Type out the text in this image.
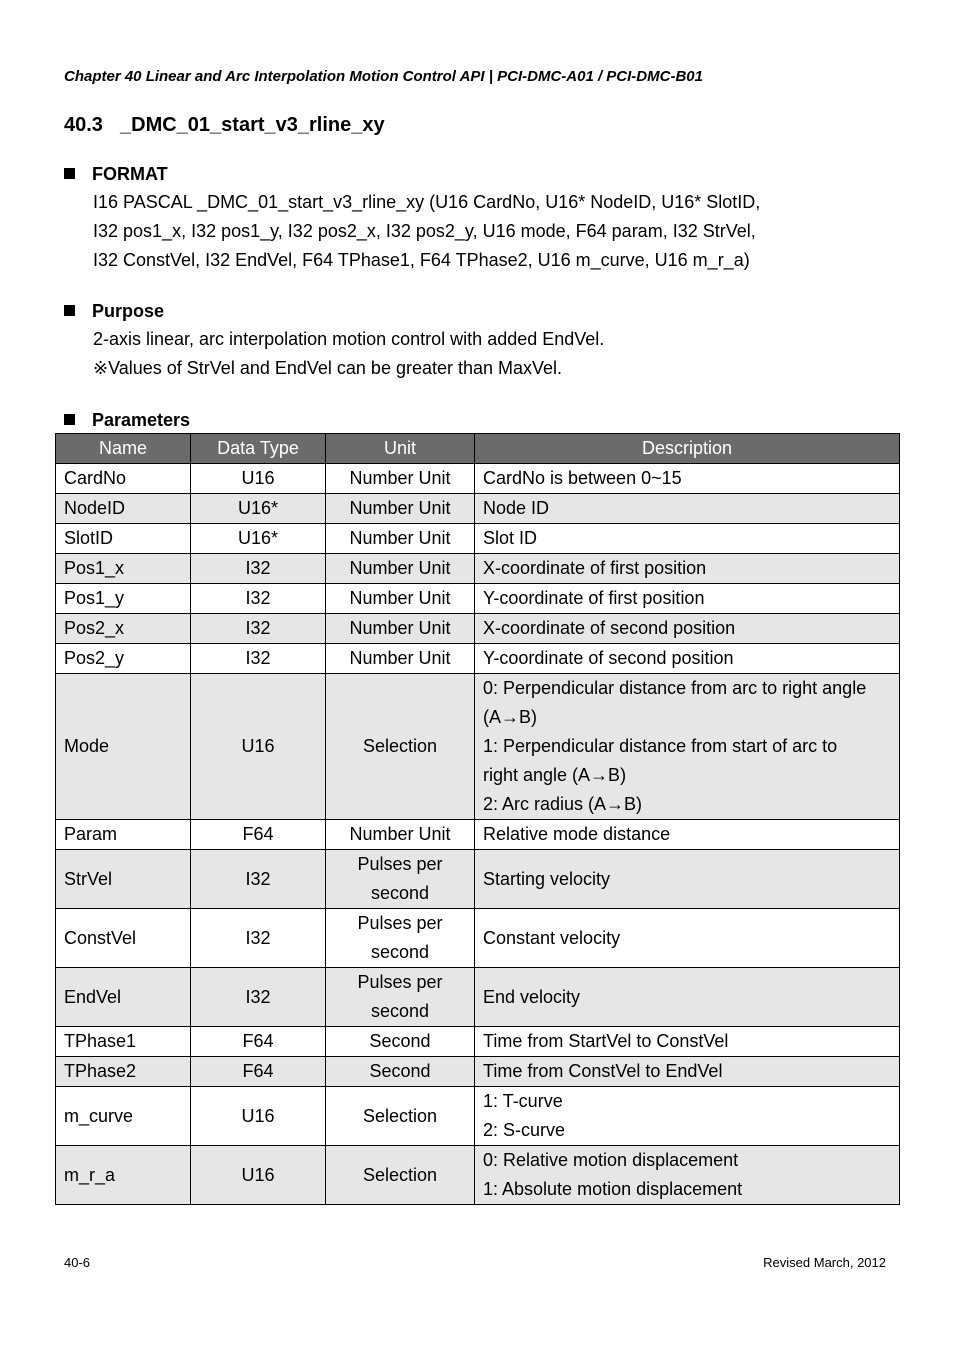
Chapter 40 Linear and Arc Interpolation Motion Control API | PCI-DMC-A01 / PCI-DMC-B01
40.3 _DMC_01_start_v3_rline_xy
FORMAT
I16 PASCAL _DMC_01_start_v3_rline_xy (U16 CardNo, U16* NodeID, U16* SlotID,
I32 pos1_x, I32 pos1_y, I32 pos2_x, I32 pos2_y, U16 mode, F64 param, I32 StrVel,
I32 ConstVel, I32 EndVel, F64 TPhase1, F64 TPhase2, U16 m_curve, U16 m_r_a)
Purpose
2-axis linear, arc interpolation motion control with added EndVel.
※Values of StrVel and EndVel can be greater than MaxVel.
Parameters
Name	Data Type	Unit	Description
CardNo	U16	Number Unit	CardNo is between 0~15

NodeID	U16*	Number Unit	Node ID

SlotID	U16*	Number Unit	Slot ID

Pos1_x	I32	Number Unit	X-coordinate of first position

Pos1_y	I32	Number Unit	Y-coordinate of first position

Pos2_x	I32	Number Unit	X-coordinate of second position

Pos2_y	I32	Number Unit	Y-coordinate of second position

Mode	U16	Selection	0: Perpendicular distance from arc to right angle
(A→B)
1: Perpendicular distance from start of arc to
right angle (A→B)
2: Arc radius (A→B)

Param	F64	Number Unit	Relative mode distance

StrVel	I32	Pulses per second	Starting velocity

ConstVel	I32	Pulses per second	Constant velocity

EndVel	I32	Pulses per second	End velocity

TPhase1	F64	Second	Time from StartVel to ConstVel

TPhase2	F64	Second	Time from ConstVel to EndVel

m_curve	U16	Selection	1: T-curve
2: S-curve

m_r_a	U16	Selection	0: Relative motion displacement
1: Absolute motion displacement
40-6	Revised March, 2012
